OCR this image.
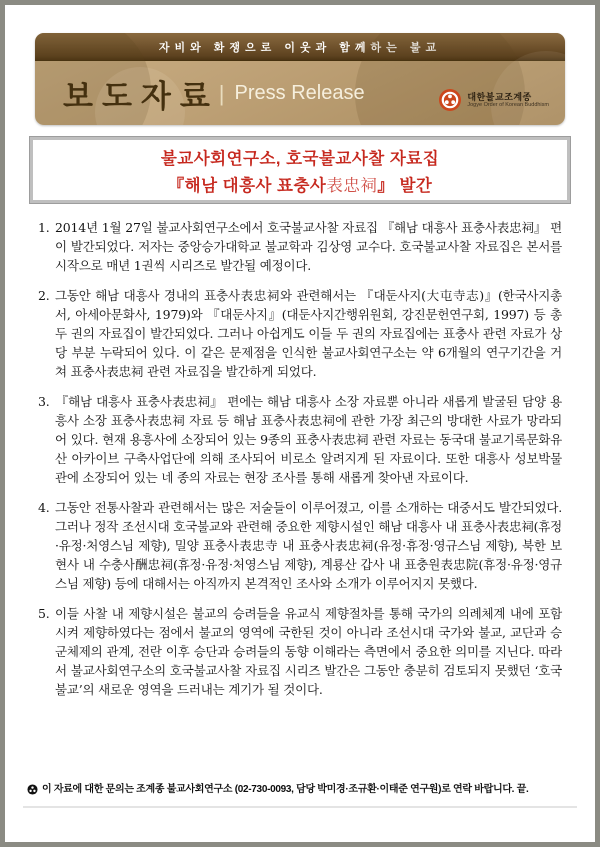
자비와 화쟁으로 이웃과 함께하는 불교
보도자료 | Press Release	대한불교조계종
Jogye Order of Korean Buddhism
불교사회연구소, 호국불교사찰 자료집
『해남 대흥사 표충사表忠祠』 발간

1. 2014년 1월 27일 불교사회연구소에서 호국불교사찰 자료집 『해남 대흥사 표충사表忠祠』 편이 발간되었다. 저자는 중앙승가대학교 불교학과 김상영 교수다. 호국불교사찰 자료집은 본서를 시작으로 매년 1권씩 시리즈로 발간될 예정이다.

2. 그동안 해남 대흥사 경내의 표충사表忠祠와 관련해서는 『대둔사지(大屯寺志)』(한국사지총서, 아세아문화사, 1979)와 『대둔사지』(대둔사지간행위원회, 강진문헌연구회, 1997) 등 총 두 권의 자료집이 발간되었다. 그러나 아쉽게도 이들 두 권의 자료집에는 표충사 관련 자료가 상당 부분 누락되어 있다. 이 같은 문제점을 인식한 불교사회연구소는 약 6개월의 연구기간을 거쳐 표충사表忠祠 관련 자료집을 발간하게 되었다.

3. 『해남 대흥사 표충사表忠祠』 편에는 해남 대흥사 소장 자료뿐 아니라 새롭게 발굴된 담양 용흥사 소장 표충사表忠祠 자료 등 해남 표충사表忠祠에 관한 가장 최근의 방대한 사료가 망라되어 있다. 현재 용흥사에 소장되어 있는 9종의 표충사表忠祠 관련 자료는 동국대 불교기록문화유산 아카이브 구축사업단에 의해 조사되어 비로소 알려지게 된 자료이다. 또한 대흥사 성보박물관에 소장되어 있는 네 종의 자료는 현장 조사를 통해 새롭게 찾아낸 자료이다.

4. 그동안 전통사찰과 관련해서는 많은 저술들이 이루어졌고, 이를 소개하는 대중서도 발간되었다. 그러나 정작 조선시대 호국불교와 관련해 중요한 제향시설인 해남 대흥사 내 표충사表忠祠(휴정·유정·처영스님 제향), 밀양 표충사表忠寺 내 표충사表忠祠(유정·휴정·영규스님 제향), 북한 보현사 내 수충사酬忠祠(휴정·유정·처영스님 제향), 계룡산 갑사 내 표충원表忠院(휴정·유정·영규스님 제향) 등에 대해서는 아직까지 본격적인 조사와 소개가 이루어지지 못했다.

5. 이들 사찰 내 제향시설은 불교의 승려들을 유교식 제향절차를 통해 국가의 의례체계 내에 포함시켜 제향하였다는 점에서 불교의 영역에 국한된 것이 아니라 조선시대 국가와 불교, 교단과 승군체제의 관계, 전란 이후 승단과 승려들의 동향 이해라는 측면에서 중요한 의미를 지닌다. 따라서 불교사회연구소의 호국불교사찰 자료집 시리즈 발간은 그동안 충분히 검토되지 못했던 ‘호국불교’의 새로운 영역을 드러내는 계기가 될 것이다.

이 자료에 대한 문의는 조계종 불교사회연구소 (02-730-0093, 담당 박미경·조규환·이태준 연구원)로 연락 바랍니다. 끝.
